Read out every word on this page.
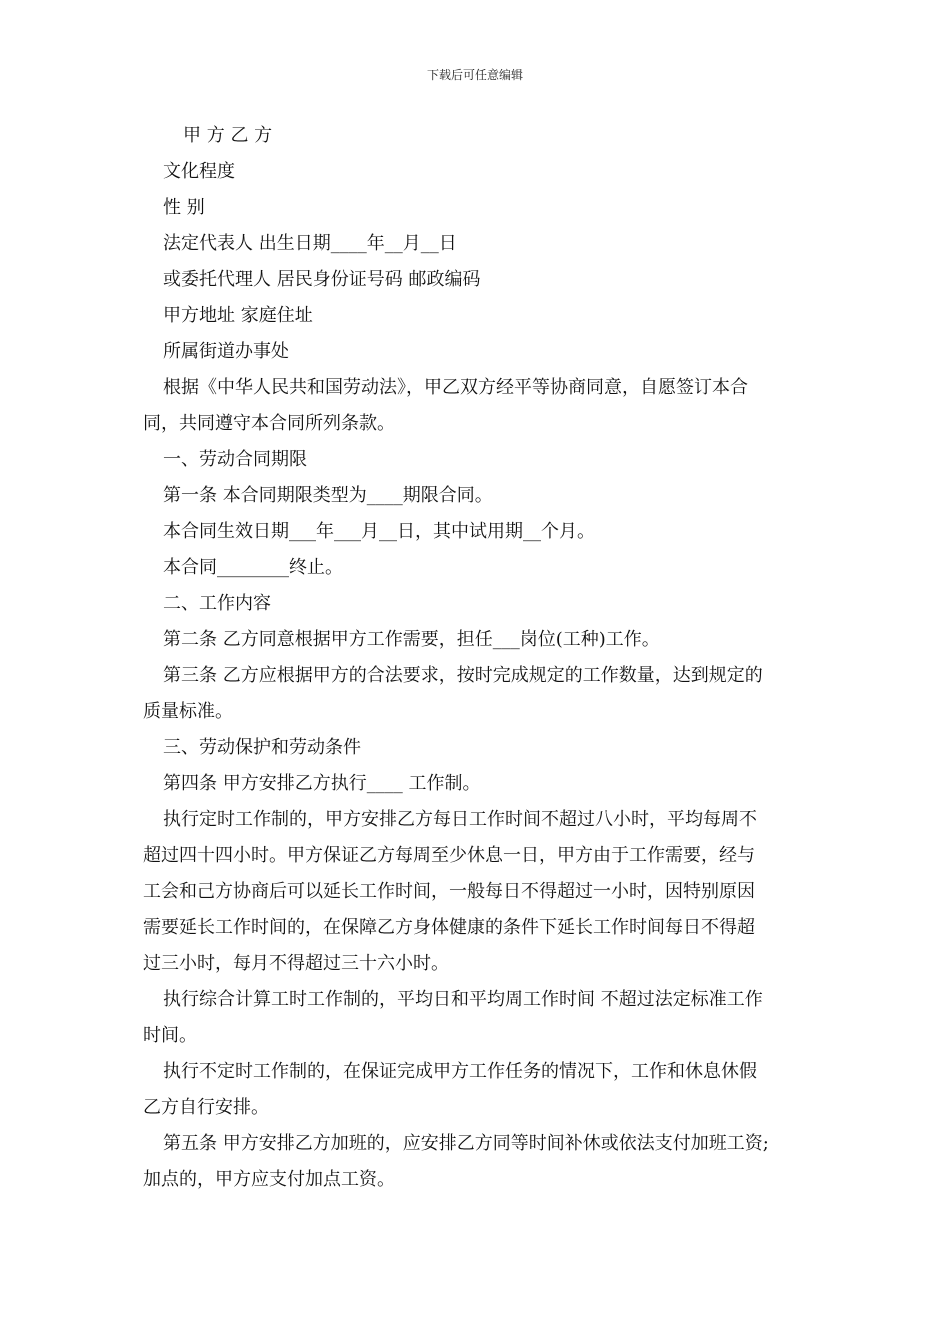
下载后可任意编辑

甲 方 乙 方

文化程度

性 别

法定代表人 出生日期____年__月__日

或委托代理人 居民身份证号码 邮政编码

甲方地址 家庭住址

所属街道办事处

根据《中华人民共和国劳动法》，甲乙双方经平等协商同意，自愿签订本合

同，共同遵守本合同所列条款。

一、劳动合同期限

第一条 本合同期限类型为____期限合同。

本合同生效日期___年___月__日，其中试用期__个月。

本合同________终止。

二、工作内容

第二条 乙方同意根据甲方工作需要，担任___岗位(工种)工作。

第三条 乙方应根据甲方的合法要求，按时完成规定的工作数量，达到规定的

质量标准。

三、劳动保护和劳动条件

第四条 甲方安排乙方执行____ 工作制。

执行定时工作制的，甲方安排乙方每日工作时间不超过八小时，平均每周不

超过四十四小时。甲方保证乙方每周至少休息一日，甲方由于工作需要，经与

工会和己方协商后可以延长工作时间，一般每日不得超过一小时，因特别原因

需要延长工作时间的，在保障乙方身体健康的条件下延长工作时间每日不得超

过三小时，每月不得超过三十六小时。

执行综合计算工时工作制的，平均日和平均周工作时间 不超过法定标准工作

时间。

执行不定时工作制的，在保证完成甲方工作任务的情况下，工作和休息休假

乙方自行安排。

第五条 甲方安排乙方加班的，应安排乙方同等时间补休或依法支付加班工资;

加点的，甲方应支付加点工资。
